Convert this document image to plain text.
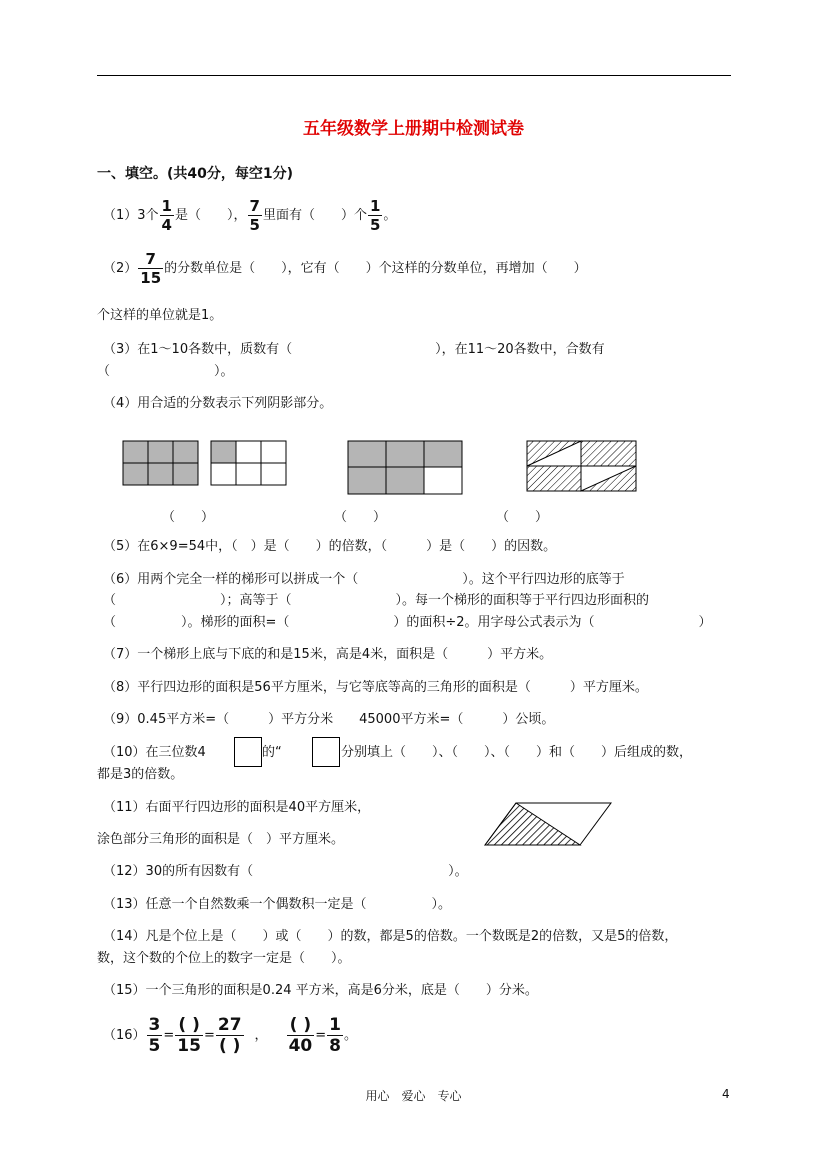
五年级数学上册期中检测试卷
一、填空。(共40分，每空1分)
（1）3个 $\frac{1}{4}$ 是（　　）， $\frac{7}{5}$ 里面有（　　）个 $\frac{1}{5}$ 。
$(2) \frac{7}{15}$ 的分数单位是（　　），它有（　　）个这样的分数单位，再增加（　　）
个这样的单位就是1。
（3）在1～10各数中，质数有（　　　　　　　　　　　），在11～20各数中，合数有
（　　　　　　　　）。
（4）用合适的分数表示下列阴影部分。
（　　）	（　　）	（　　）
（5）在6×9=54中，（　）是（　　）的倍数，（　　　）是（　　）的因数。
（6）用两个完全一样的梯形可以拼成一个（　　　　　　　　）。这个平行四边形的底等于
（　　　　　　　　）；高等于（　　　　　　　　）。每一个梯形的面积等于平行四边形面积的
（　　　　　）。梯形的面积=（　　　　　　　　）的面积÷2。用字母公式表示为（　　　　　　　　）
（7）一个梯形上底与下底的和是15米，高是4米，面积是（　　　）平方米。
（8）平行四边形的面积是56平方厘米，与它等底等高的三角形的面积是（　　　）平方厘米。
（9）0.45平方米=（　　　）平方分米　　45000平方米=（　　　）公顷。
（10）在三位数4	的“	分别填上（　　）、（　　）、（　　）和（　　）后组成的数，
都是3的倍数。
（11）右面平行四边形的面积是40平方厘米，
涂色部分三角形的面积是（　）平方厘米。
（12）30的所有因数有（　　　　　　　　　　　　　　　）。
（13）任意一个自然数乘一个偶数积一定是（　　　　　）。
（14）凡是个位上是（　　）或（　　）的数，都是5的倍数。一个数既是2的倍数，又是5的倍数，
数，这个数的个位上的数字一定是（　　）。
（15）一个三角形的面积是0.24 平方米，高是6分米，底是（　　）分米。
$(16) \frac{3}{5} = \frac{( )}{15} = \frac{27}{( )}$ ， $\frac{( )}{40} = \frac{1}{8}$ 。
用心　爱心　专心	4
